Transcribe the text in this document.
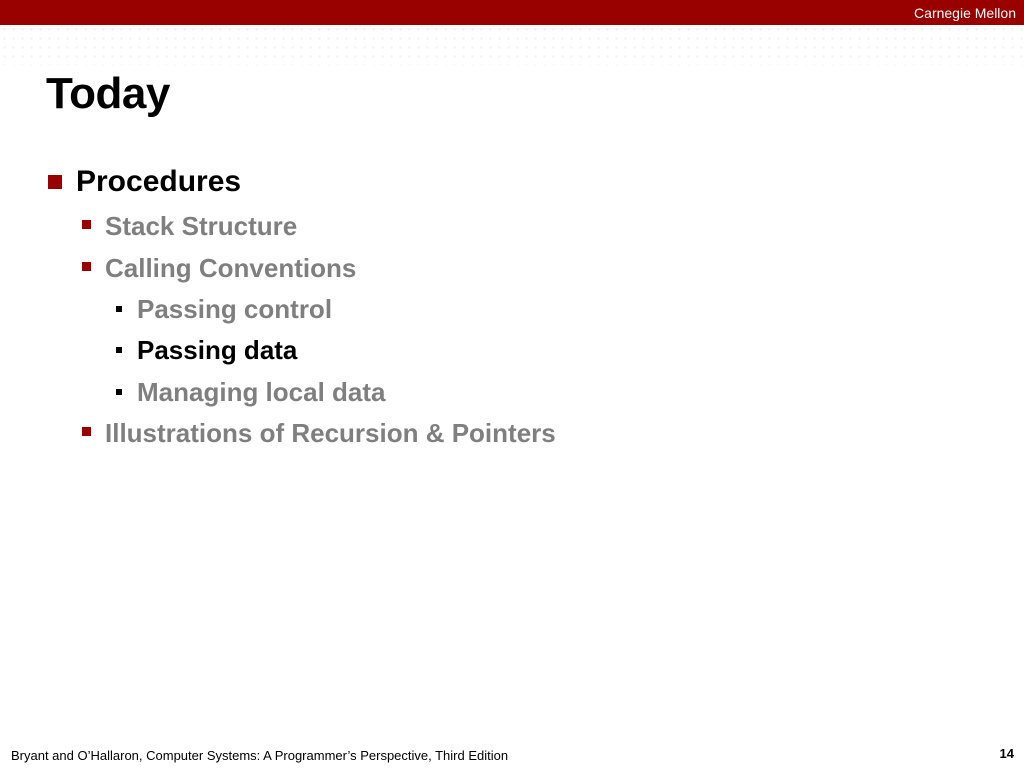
Carnegie Mellon
Today
Procedures
Stack Structure
Calling Conventions
Passing control
Passing data
Managing local data
Illustrations of Recursion & Pointers
Bryant and O’Hallaron, Computer Systems: A Programmer’s Perspective, Third Edition	14
